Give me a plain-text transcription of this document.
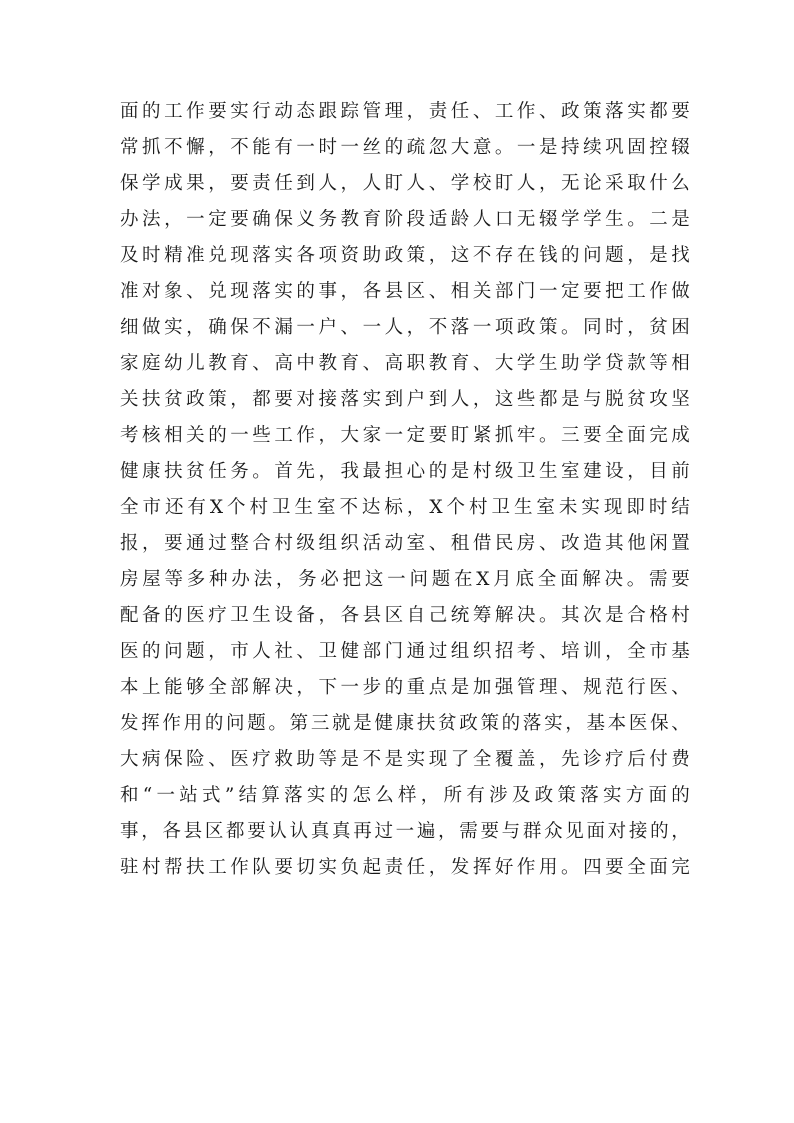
面的工作要实行动态跟踪管理，责任、工作、政策落实都要
常抓不懈，不能有一时一丝的疏忽大意。一是持续巩固控辍
保学成果，要责任到人，人盯人、学校盯人，无论采取什么
办法，一定要确保义务教育阶段适龄人口无辍学学生。二是
及时精准兑现落实各项资助政策，这不存在钱的问题，是找
准对象、兑现落实的事，各县区、相关部门一定要把工作做
细做实，确保不漏一户、一人，不落一项政策。同时，贫困
家庭幼儿教育、高中教育、高职教育、大学生助学贷款等相
关扶贫政策，都要对接落实到户到人，这些都是与脱贫攻坚
考核相关的一些工作，大家一定要盯紧抓牢。三要全面完成
健康扶贫任务。首先，我最担心的是村级卫生室建设，目前
全市还有X个村卫生室不达标，X个村卫生室未实现即时结
报，要通过整合村级组织活动室、租借民房、改造其他闲置
房屋等多种办法，务必把这一问题在X月底全面解决。需要
配备的医疗卫生设备，各县区自己统筹解决。其次是合格村
医的问题，市人社、卫健部门通过组织招考、培训，全市基
本上能够全部解决，下一步的重点是加强管理、规范行医、
发挥作用的问题。第三就是健康扶贫政策的落实，基本医保、
大病保险、医疗救助等是不是实现了全覆盖，先诊疗后付费
和“一站式”结算落实的怎么样，所有涉及政策落实方面的
事，各县区都要认认真真再过一遍，需要与群众见面对接的，
驻村帮扶工作队要切实负起责任，发挥好作用。四要全面完
